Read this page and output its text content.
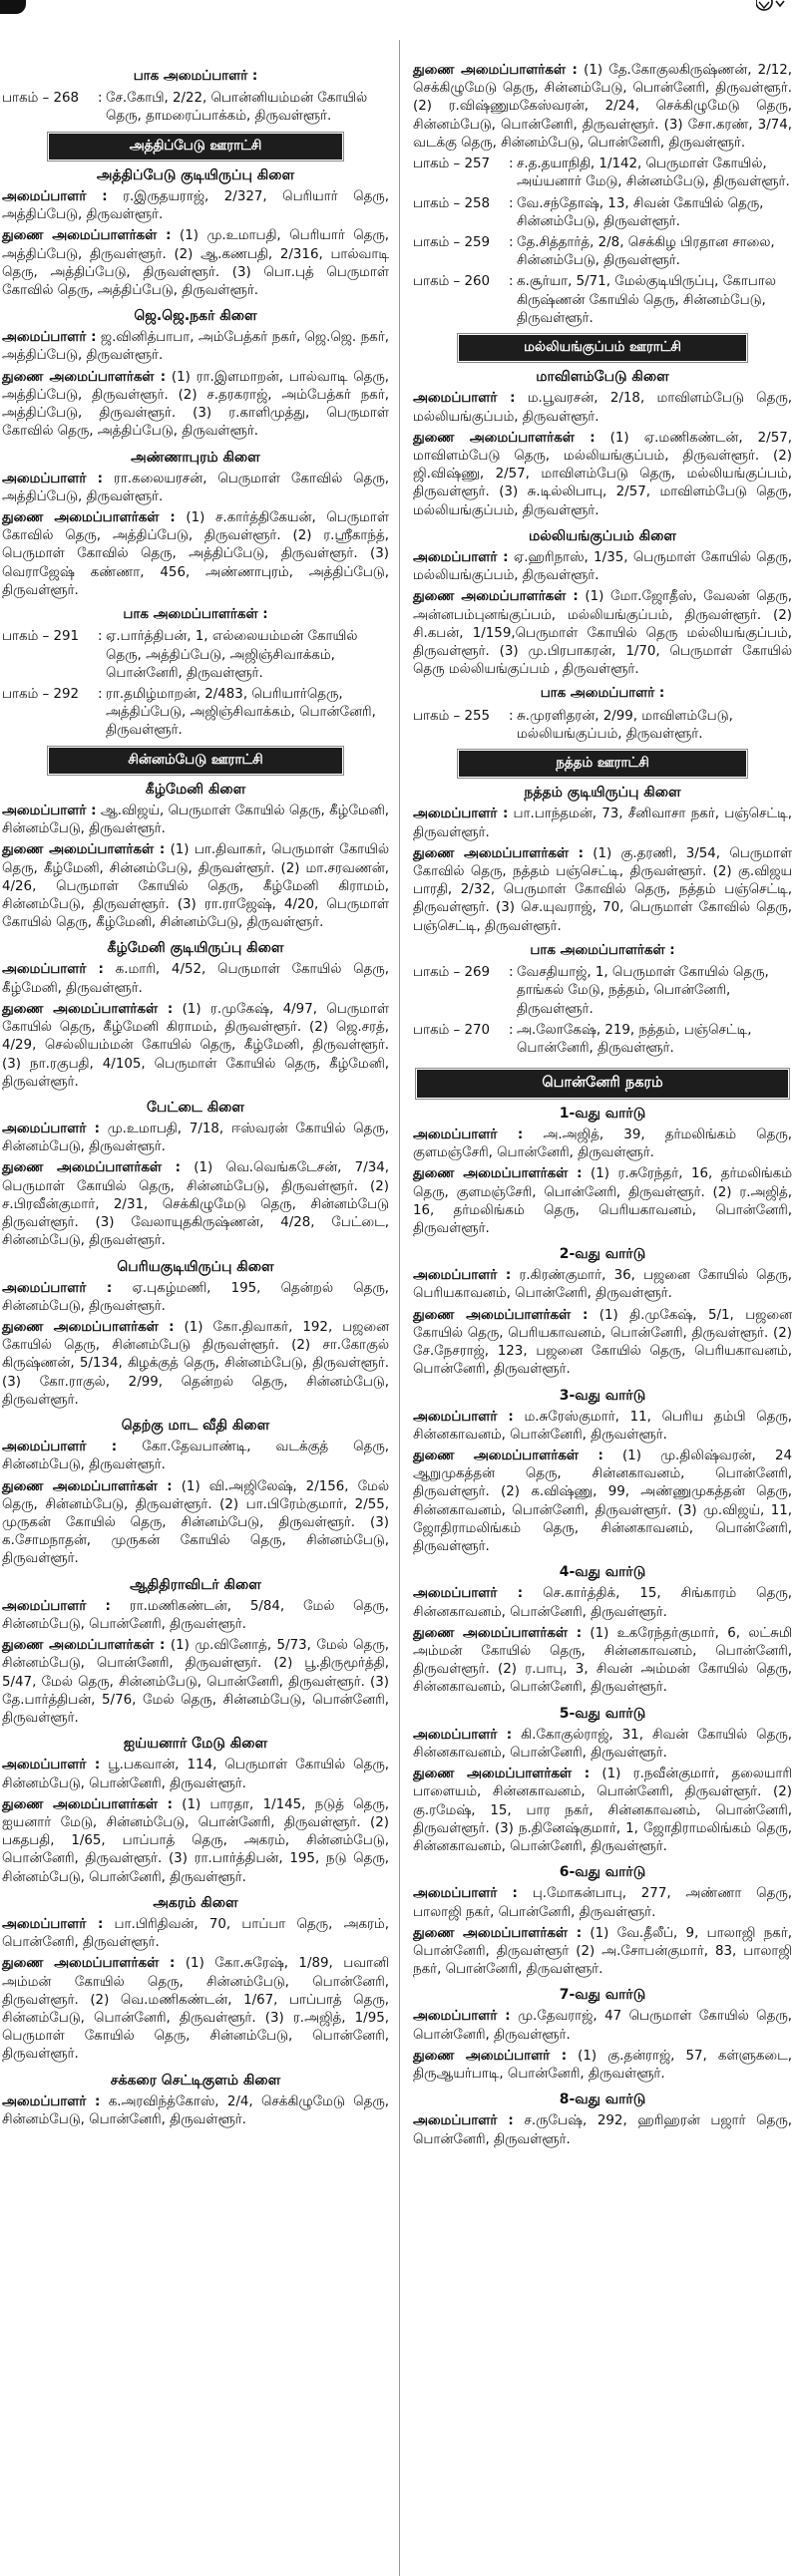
பாக அமைப்பாளர் :
பாகம் – 268	: சே.கோபி, 2/22, பொன்னியம்மன் கோயில் தெரு, தாமரைப்பாக்கம், திருவள்ளூர்.
அத்திப்பேடு ஊராட்சி
அத்திப்பேடு குடியிருப்பு கிளை
அமைப்பாளர் : ர.இருதயராஜ், 2/327, பெரியார் தெரு, அத்திப்பேடு, திருவள்ளூர்.
துணை அமைப்பாளர்கள் : (1) மு.உமாபதி, பெரியார் தெரு, அத்திப்பேடு, திருவள்ளூர். (2) ஆ.கணபதி, 2/316, பால்வாடி தெரு, அத்திப்பேடு, திருவள்ளூர். (3) பொ.புத் பெருமாள் கோவில் தெரு, அத்திப்பேடு, திருவள்ளூர்.
ஜெ.ஜெ.நகர் கிளை
அமைப்பாளர் : ஜ.வினித்பாபா, அம்பேத்கர் நகர், ஜெ.ஜெ. நகர், அத்திப்பேடு, திருவள்ளூர்.
துணை அமைப்பாளர்கள் : (1) ரா.இளமாறன், பால்வாடி தெரு, அத்திப்பேடு, திருவள்ளூர். (2) ச.தரகராஜ், அம்பேத்கர் நகர், அத்திப்பேடு, திருவள்ளூர். (3) ர.காளிமுத்து, பெருமாள் கோவில் தெரு, அத்திப்பேடு, திருவள்ளூர்.
அண்ணாபுரம் கிளை
அமைப்பாளர் : ரா.கலையரசன், பெருமாள் கோவில் தெரு, அத்திப்பேடு, திருவள்ளூர்.
துணை அமைப்பாளர்கள் : (1) ச.கார்த்திகேயன், பெருமாள் கோவில் தெரு, அத்திப்பேடு, திருவள்ளூர். (2) ர.ஸ்ரீகாந்த், பெருமாள் கோவில் தெரு, அத்திப்பேடு, திருவள்ளூர். (3) வெராஜேஷ் கண்ணா, 456, அண்ணாபுரம், அத்திப்பேடு, திருவள்ளூர்.
பாக அமைப்பாளர்கள் :
பாகம் – 291	: ஏ.பார்த்திபன், 1, எல்லையம்மன் கோயில் தெரு, அத்திப்பேடு, அஜிஞ்சிவாக்கம், பொன்னேரி, திருவள்ளூர்.
பாகம் – 292	: ரா.தமிழ்மாறன், 2/483, பெரியார்தெரு, அத்திப்பேடு, அஜிஞ்சிவாக்கம், பொன்னேரி, திருவள்ளூர்.
சின்னம்பேடு ஊராட்சி
கீழ்மேனி கிளை
அமைப்பாளர் : ஆ.விஜய், பெருமாள் கோயில் தெரு, கீழ்மேனி, சின்னம்பேடு, திருவள்ளூர்.
துணை அமைப்பாளர்கள் : (1) பா.திவாகர், பெருமாள் கோயில் தெரு, கீழ்மேனி, சின்னம்பேடு, திருவள்ளூர். (2) மா.சரவணன், 4/26, பெருமாள் கோயில் தெரு, கீழ்மேனி கிராமம், சின்னம்பேடு, திருவள்ளூர். (3) ரா.ராஜேஷ், 4/20, பெருமாள் கோயில் தெரு, கீழ்மேனி, சின்னம்பேடு, திருவள்ளூர்.
கீழ்மேனி குடியிருப்பு கிளை
அமைப்பாளர் : க.மாரி, 4/52, பெருமாள் கோயில் தெரு, கீழ்மேனி, திருவள்ளூர்.
துணை அமைப்பாளர்கள் : (1) ர.முகேஷ், 4/97, பெருமாள் கோயில் தெரு, கீழ்மேனி கிராமம், திருவள்ளூர். (2) ஜெ.சரத், 4/29, செல்லியம்மன் கோயில் தெரு, கீழ்மேனி, திருவள்ளூர். (3) நா.ரகுபதி, 4/105, பெருமாள் கோயில் தெரு, கீழ்மேனி, திருவள்ளூர்.
பேட்டை கிளை
அமைப்பாளர் : மு.உமாபதி, 7/18, ஈஸ்வரன் கோயில் தெரு, சின்னம்பேடு, திருவள்ளூர்.
துணை அமைப்பாளர்கள் : (1) வெ.வெங்கடேசன், 7/34, பெருமாள் கோயில் தெரு, சின்னம்பேடு, திருவள்ளூர். (2) ச.பிரவீன்குமார், 2/31, செக்கிழுமேடு தெரு, சின்னம்பேடு திருவள்ளூர். (3) வேலாயுதகிருஷ்ணன், 4/28, பேட்டை, சின்னம்பேடு, திருவள்ளூர்.
பெரியகுடியிருப்பு கிளை
அமைப்பாளர் : ஏ.புகழ்மணி, 195, தென்றல் தெரு, சின்னம்பேடு, திருவள்ளூர்.
துணை அமைப்பாளர்கள் : (1) கோ.திவாகர், 192, பஜனை கோயில் தெரு, சின்னம்பேடு திருவள்ளூர். (2) சா.கோகுல் கிருஷ்ணன், 5/134, கிழக்குத் தெரு, சின்னம்பேடு, திருவள்ளூர். (3) கோ.ராகுல், 2/99, தென்றல் தெரு, சின்னம்பேடு, திருவள்ளூர்.
தெற்கு மாட வீதி கிளை
அமைப்பாளர் : கோ.தேவபாண்டி, வடக்குத் தெரு, சின்னம்பேடு, திருவள்ளூர்.
துணை அமைப்பாளர்கள் : (1) வி.அஜிலேஷ், 2/156, மேல் தெரு, சின்னம்பேடு, திருவள்ளூர். (2) பா.பிரேம்குமார், 2/55, முருகன் கோயில் தெரு, சின்னம்பேடு, திருவள்ளூர். (3) க.சோமநாதன், முருகன் கோயில் தெரு, சின்னம்பேடு, திருவள்ளூர்.
ஆதிதிராவிடர் கிளை
அமைப்பாளர் : ரா.மணிகண்டன், 5/84, மேல் தெரு, சின்னம்பேடு, பொன்னேரி, திருவள்ளூர்.
துணை அமைப்பாளர்கள் : (1) மு.வினோத், 5/73, மேல் தெரு, சின்னம்பேடு, பொன்னேரி, திருவள்ளூர். (2) பூ.திருமூர்த்தி, 5/47, மேல் தெரு, சின்னம்பேடு, பொன்னேரி, திருவள்ளூர். (3) தே.பார்த்திபன், 5/76, மேல் தெரு, சின்னம்பேடு, பொன்னேரி, திருவள்ளூர்.
ஐய்யனார் மேடு கிளை
அமைப்பாளர் : பூ.பகவான், 114, பெருமாள் கோயில் தெரு, சின்னம்பேடு, பொன்னேரி, திருவள்ளூர்.
துணை அமைப்பாளர்கள் : (1) பாரதா, 1/145, நடுத் தெரு, ஐயனார் மேடு, சின்னம்பேடு, பொன்னேரி, திருவள்ளூர். (2) பகதபதி, 1/65, பாப்பாத் தெரு, அகரம், சின்னம்பேடு, பொன்னேரி, திருவள்ளூர். (3) ரா.பார்த்திபன், 195, நடு தெரு, சின்னம்பேடு, பொன்னேரி, திருவள்ளூர்.
அகரம் கிளை
அமைப்பாளர் : பா.பிரிதிவன், 70, பாப்பா தெரு, அகரம், பொன்னேரி, திருவள்ளூர்.
துணை அமைப்பாளர்கள் : (1) கோ.சுரேஷ், 1/89, பவானி அம்மன் கோயில் தெரு, சின்னம்பேடு, பொன்னேரி, திருவள்ளூர். (2) வெ.மணிகண்டன், 1/67, பாப்பாத் தெரு, சின்னம்பேடு, பொன்னேரி, திருவள்ளூர். (3) ர.அஜித், 1/95, பெருமாள் கோயில் தெரு, சின்னம்பேடு, பொன்னேரி, திருவள்ளூர்.
சக்கரை செட்டிகுளம் கிளை
அமைப்பாளர் : க.அரவிந்த்கோஸ், 2/4, செக்கிழுமேடு தெரு, சின்னம்பேடு, பொன்னேரி, திருவள்ளூர்.
துணை அமைப்பாளர்கள் : (1) தே.கோகுலகிருஷ்ணன், 2/12, செக்கிழுமேடு தெரு, சின்னம்பேடு, பொன்னேரி, திருவள்ளூர். (2) ர.விஷ்ணுமகேஸ்வரன், 2/24, செக்கிழுமேடு தெரு, சின்னம்பேடு, பொன்னேரி, திருவள்ளூர். (3) சோ.கரண், 3/74, வடக்கு தெரு, சின்னம்பேடு, பொன்னேரி, திருவள்ளூர்.
பாகம் – 257	: ச.த.தயாநிதி, 1/142, பெருமாள் கோயில், அய்யனார் மேடு, சின்னம்பேடு, திருவள்ளூர்.
பாகம் – 258	: வே.சந்தோஷ், 13, சிவன் கோயில் தெரு, சின்னம்பேடு, திருவள்ளூர்.
பாகம் – 259	: தே.சித்தார்த், 2/8, செக்கிழ பிரதான சாலை, சின்னம்பேடு, திருவள்ளூர்.
பாகம் – 260	: க.சூர்யா, 5/71, மேல்குடியிருப்பு, கோபால கிருஷ்ணன் கோயில் தெரு, சின்னம்பேடு, திருவள்ளூர்.
மல்லியங்குப்பம் ஊராட்சி
மாவிளம்பேடு கிளை
அமைப்பாளர் : ம.பூவரசன், 2/18, மாவிளம்பேடு தெரு, மல்லியங்குப்பம், திருவள்ளூர்.
துணை அமைப்பாளர்கள் : (1) ஏ.மணிகண்டன், 2/57, மாவிளம்பேடு தெரு, மல்லியங்குப்பம், திருவள்ளூர். (2) ஜி.விஷ்ணு, 2/57, மாவிளம்பேடு தெரு, மல்லியங்குப்பம், திருவள்ளூர். (3) சு.டில்லிபாபு, 2/57, மாவிளம்பேடு தெரு, மல்லியங்குப்பம், திருவள்ளூர்.
மல்லியங்குப்பம் கிளை
அமைப்பாளர் : ஏ.ஹரிநாஸ், 1/35, பெருமாள் கோயில் தெரு, மல்லியங்குப்பம், திருவள்ளூர்.
துணை அமைப்பாளர்கள் : (1) மோ.ஜோதீஸ், வேலன் தெரு, அன்னபம்புனங்குப்பம், மல்லியங்குப்பம், திருவள்ளூர். (2) சி.கபன், 1/159,பெருமாள் கோயில் தெரு மல்லியங்குப்பம், திருவள்ளூர். (3) மு.பிரபாகரன், 1/70, பெருமாள் கோயில் தெரு மல்லியங்குப்பம் , திருவள்ளூர்.
பாக அமைப்பாளர் :
பாகம் – 255	: சு.முரளிதரன், 2/99, மாவிளம்பேடு, மல்லியங்குப்பம், திருவள்ளூர்.
நத்தம் ஊராட்சி
நத்தம் குடியிருப்பு கிளை
அமைப்பாளர் : பா.பாந்தமன், 73, சீனிவாசா நகர், பஞ்செட்டி, திருவள்ளூர்.
துணை அமைப்பாளர்கள் : (1) கு.தரணி, 3/54, பெருமாள் கோவில் தெரு, நத்தம் பஞ்செட்டி, திருவள்ளூர். (2) கு.விஜய பாரதி, 2/32, பெருமாள் கோவில் தெரு, நத்தம் பஞ்செட்டி, திருவள்ளூர். (3) செ.யுவராஜ், 70, பெருமாள் கோவில் தெரு, பஞ்செட்டி, திருவள்ளூர்.
பாக அமைப்பாளர்கள் :
பாகம் – 269	: வேசதியாஜ், 1, பெருமாள் கோயில் தெரு, தாங்கல் மேடு, நத்தம், பொன்னேரி, திருவள்ளூர்.
பாகம் – 270	: அ.லோகேஷ், 219, நத்தம், பஞ்செட்டி, பொன்னேரி, திருவள்ளூர்.
பொன்னேரி நகரம்
1-வது வார்டு
அமைப்பாளர் : அ.அஜித், 39, தர்மலிங்கம் தெரு, குளமஞ்சேரி, பொன்னேரி, திருவள்ளூர்.
துணை அமைப்பாளர்கள் : (1) ர.சுரேந்தர், 16, தர்மலிங்கம் தெரு, குளமஞ்சேரி, பொன்னேரி, திருவள்ளூர். (2) ர.அஜித், 16, தர்மலிங்கம் தெரு, பெரியகாவனம், பொன்னேரி, திருவள்ளூர்.
2-வது வார்டு
அமைப்பாளர் : ர.கிரண்குமார், 36, பஜனை கோயில் தெரு, பெரியகாவனம், பொன்னேரி, திருவள்ளூர்.
துணை அமைப்பாளர்கள் : (1) தி.முகேஷ், 5/1, பஜனை கோயில் தெரு, பெரியகாவனம், பொன்னேரி, திருவள்ளூர். (2) சே.நேசராஜ், 123, பஜனை கோயில் தெரு, பெரியகாவனம், பொன்னேரி, திருவள்ளூர்.
3-வது வார்டு
அமைப்பாளர் : ம.சுரேஸ்குமார், 11, பெரிய தம்பி தெரு, சின்னகாவனம், பொன்னேரி, திருவள்ளூர்.
துணை அமைப்பாளர்கள் : (1) மு.திலிஷ்வரன், 24 ஆறுமுகத்தன் தெரு, சின்னகாவனம், பொன்னேரி, திருவள்ளூர். (2) க.விஷ்ணு, 99, அண்ணுமுகத்தன் தெரு, சின்னகாவனம், பொன்னேரி, திருவள்ளூர். (3) மு.விஜய், 11, ஜோதிராமலிங்கம் தெரு, சின்னகாவனம், பொன்னேரி, திருவள்ளூர்.
4-வது வார்டு
அமைப்பாளர் : செ.கார்த்திக், 15, சிங்காரம் தெரு, சின்னகாவனம், பொன்னேரி, திருவள்ளூர்.
துணை அமைப்பாளர்கள் : (1) உகரேந்தர்குமார், 6, லட்சுமி அம்மன் கோயில் தெரு, சின்னகாவனம், பொன்னேரி, திருவள்ளூர். (2) ர.பாபு, 3, சிவன் அம்மன் கோயில் தெரு, சின்னகாவனம், பொன்னேரி, திருவள்ளூர்.
5-வது வார்டு
அமைப்பாளர் : கி.கோகுல்ராஜ், 31, சிவன் கோயில் தெரு, சின்னகாவனம், பொன்னேரி, திருவள்ளூர்.
துணை அமைப்பாளர்கள் : (1) ர.நவீன்குமார், தலையாரி பாளையம், சின்னகாவனம், பொன்னேரி, திருவள்ளூர். (2) கு.ரமேஷ், 15, பார நகர், சின்னகாவனம், பொன்னேரி, திருவள்ளூர். (3) ந.தினேஷ்குமார், 1, ஜோதிராமலிங்கம் தெரு, சின்னகாவனம், பொன்னேரி, திருவள்ளூர்.
6-வது வார்டு
அமைப்பாளர் : பு.மோகன்பாபு, 277, அண்ணா தெரு, பாலாஜி நகர், பொன்னேரி, திருவள்ளூர்.
துணை அமைப்பாளர்கள் : (1) வே.தீலீப், 9, பாலாஜி நகர், பொன்னேரி, திருவள்ளூர் (2) அ.சோபன்குமார், 83, பாலாஜி நகர், பொன்னேரி, திருவள்ளூர்.
7-வது வார்டு
அமைப்பாளர் : மு.தேவராஜ், 47 பெருமாள் கோயில் தெரு, பொன்னேரி, திருவள்ளூர்.
துணை அமைப்பாளர் : (1) கு.தன்ராஜ், 57, கள்ளுகடை, திருஆயர்பாடி, பொன்னேரி, திருவள்ளூர்.
8-வது வார்டு
அமைப்பாளர் : ச.ருபேஷ், 292, ஹரிஹரன் பஜார் தெரு, பொன்னேரி, திருவள்ளூர்.
